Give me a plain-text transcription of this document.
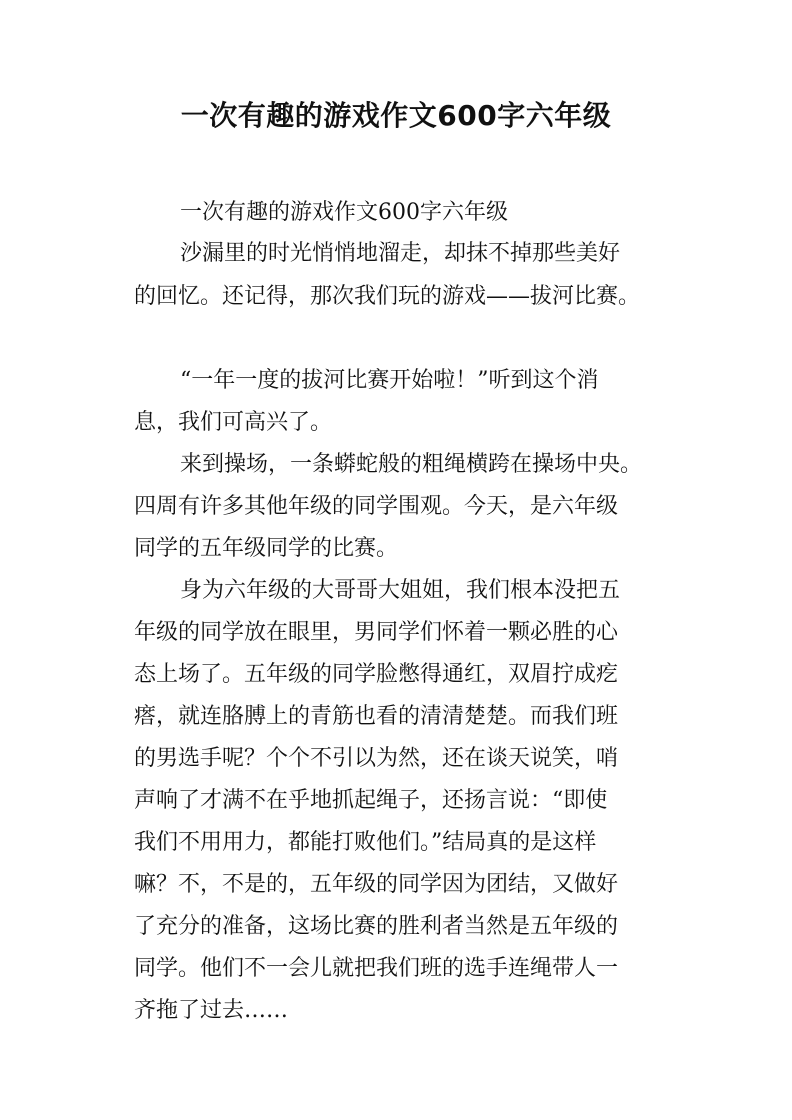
一次有趣的游戏作文600字六年级
一次有趣的游戏作文600字六年级
沙漏里的时光悄悄地溜走，却抹不掉那些美好
的回忆。还记得，那次我们玩的游戏——拔河比赛。
“一年一度的拔河比赛开始啦！”听到这个消
息，我们可高兴了。
来到操场，一条蟒蛇般的粗绳横跨在操场中央。
四周有许多其他年级的同学围观。今天，是六年级
同学的五年级同学的比赛。
身为六年级的大哥哥大姐姐，我们根本没把五
年级的同学放在眼里，男同学们怀着一颗必胜的心
态上场了。五年级的同学脸憋得通红，双眉拧成疙
瘩，就连胳膊上的青筋也看的清清楚楚。而我们班
的男选手呢？个个不引以为然，还在谈天说笑，哨
声响了才满不在乎地抓起绳子，还扬言说：“即使
我们不用用力，都能打败他们。”结局真的是这样
嘛？不，不是的，五年级的同学因为团结，又做好
了充分的准备，这场比赛的胜利者当然是五年级的
同学。他们不一会儿就把我们班的选手连绳带人一
齐拖了过去……
